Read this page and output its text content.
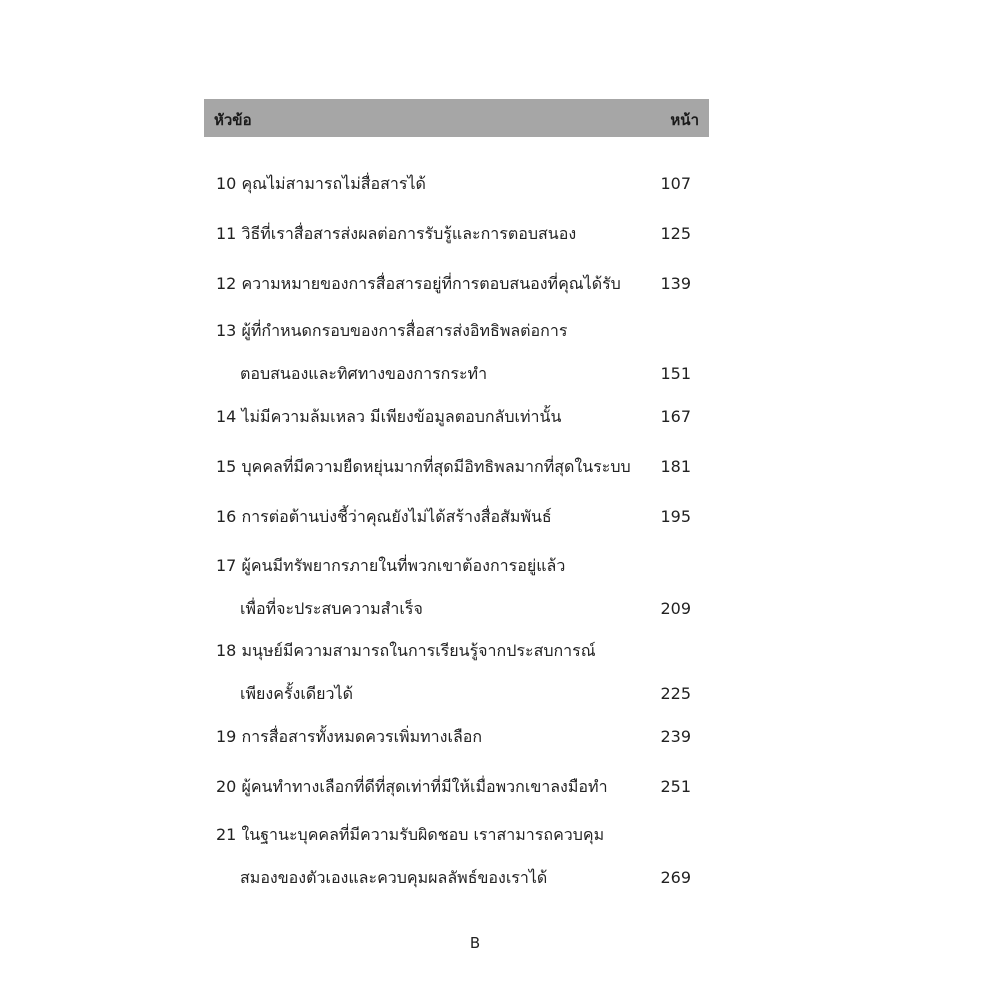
หัวข้อ	หน้า
10 คุณไม่สามารถไม่สื่อสารได้	107
11 วิธีที่เราสื่อสารส่งผลต่อการรับรู้และการตอบสนอง	125
12 ความหมายของการสื่อสารอยู่ที่การตอบสนองที่คุณได้รับ 139
13 ผู้ที่กำหนดกรอบของการสื่อสารส่งอิทธิพลต่อการ
ตอบสนองและทิศทางของการกระทำ	151
14 ไม่มีความล้มเหลว มีเพียงข้อมูลตอบกลับเท่านั้น	167
15 บุคคลที่มีความยืดหยุ่นมากที่สุดมีอิทธิพลมากที่สุดในระบบ 181
16 การต่อต้านบ่งชี้ว่าคุณยังไม่ได้สร้างสื่อสัมพันธ์	195
17 ผู้คนมีทรัพยากรภายในที่พวกเขาต้องการอยู่แล้ว
เพื่อที่จะประสบความสำเร็จ	209
18 มนุษย์มีความสามารถในการเรียนรู้จากประสบการณ์
เพียงครั้งเดียวได้	225
19 การสื่อสารทั้งหมดควรเพิ่มทางเลือก	239
20 ผู้คนทำทางเลือกที่ดีที่สุดเท่าที่มีให้เมื่อพวกเขาลงมือทำ	251
21 ในฐานะบุคคลที่มีความรับผิดชอบ เราสามารถควบคุม
สมองของตัวเองและควบคุมผลลัพธ์ของเราได้	269
B
